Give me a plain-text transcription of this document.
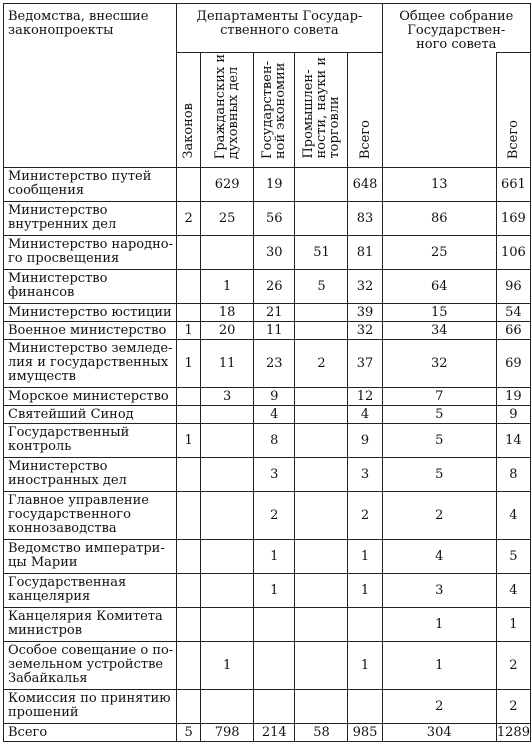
Ведомства, внесшие законопроекты	Департаменты Государ-
ственного совета					Общее собрание Государствен-
ного совета	
	Законов	Гражданских и
духовных дел	Государствен-
ной экономии	Промышлен-
ности, науки и
торговли	Всего		Всего
Министерство путей
сообщения		629	19		648	13	661
Министерство
внутренних дел	2	25	56		83	86	169
Министерство народно-
го просвещения			30	51	81	25	106
Министерство
финансов		1	26	5	32	64	96
Министерство юстиции		18	21		39	15	54
Военное министерство	1	20	11		32	34	66
Министерство земледе-
лия и государственных
имуществ	1	11	23	2	37	32	69
Морское министерство		3	9		12	7	19
Святейший Синод			4		4	5	9
Государственный
контроль	1		8		9	5	14
Министерство
иностранных дел			3		3	5	8
Главное управление
государственного
коннозаводства			2		2	2	4
Ведомство императри-
цы Марии			1		1	4	5
Государственная
канцелярия			1		1	3	4
Канцелярия Комитета
министров						1	1
Особое совещание о по-
земельном устройстве
Забайкалья		1			1	1	2
Комиссия по принятию
прошений						2	2
Всего	5	798	214	58	985	304	1289
